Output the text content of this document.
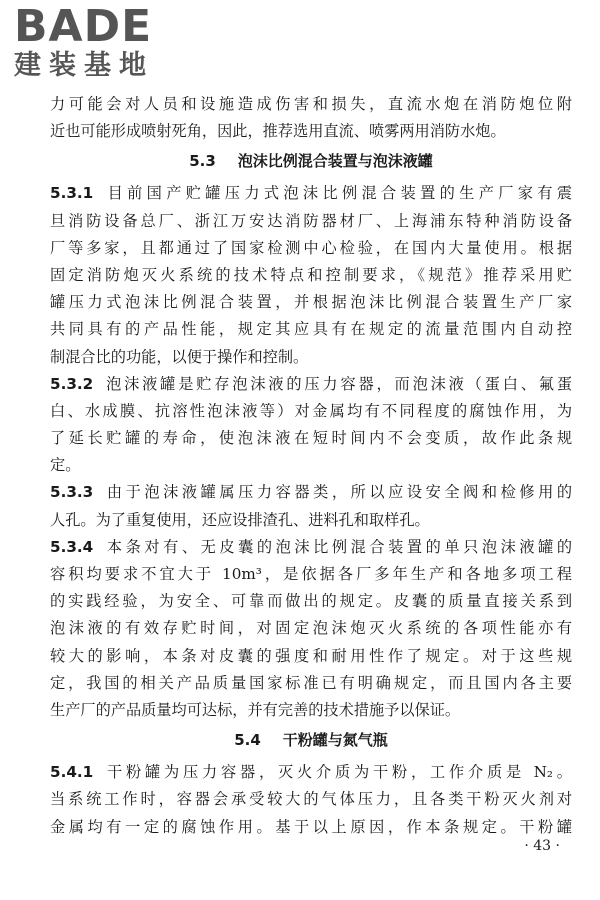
BADE
建装基地
力可能会对人员和设施造成伤害和损失，直流水炮在消防炮位附
近也可能形成喷射死角，因此，推荐选用直流、喷雾两用消防水炮。
5.3 泡沫比例混合装置与泡沫液罐
5.3.1 目前国产贮罐压力式泡沫比例混合装置的生产厂家有震
旦消防设备总厂、浙江万安达消防器材厂、上海浦东特种消防设备
厂等多家，且都通过了国家检测中心检验，在国内大量使用。根据
固定消防炮灭火系统的技术特点和控制要求，《规范》推荐采用贮
罐压力式泡沫比例混合装置，并根据泡沫比例混合装置生产厂家
共同具有的产品性能，规定其应具有在规定的流量范围内自动控
制混合比的功能，以便于操作和控制。
5.3.2 泡沫液罐是贮存泡沫液的压力容器，而泡沫液（蛋白、氟蛋
白、水成膜、抗溶性泡沫液等）对金属均有不同程度的腐蚀作用，为
了延长贮罐的寿命，使泡沫液在短时间内不会变质，故作此条规
定。
5.3.3 由于泡沫液罐属压力容器类，所以应设安全阀和检修用的
人孔。为了重复使用，还应设排渣孔、进料孔和取样孔。
5.3.4 本条对有、无皮囊的泡沫比例混合装置的单只泡沫液罐的
容积均要求不宜大于 10m³，是依据各厂多年生产和各地多项工程
的实践经验，为安全、可靠而做出的规定。皮囊的质量直接关系到
泡沫液的有效存贮时间，对固定泡沫炮灭火系统的各项性能亦有
较大的影响，本条对皮囊的强度和耐用性作了规定。对于这些规
定，我国的相关产品质量国家标准已有明确规定，而且国内各主要
生产厂的产品质量均可达标，并有完善的技术措施予以保证。
5.4 干粉罐与氮气瓶
5.4.1 干粉罐为压力容器，灭火介质为干粉，工作介质是 N₂。
当系统工作时，容器会承受较大的气体压力，且各类干粉灭火剂对
金属均有一定的腐蚀作用。基于以上原因，作本条规定。干粉罐
· 43 ·
